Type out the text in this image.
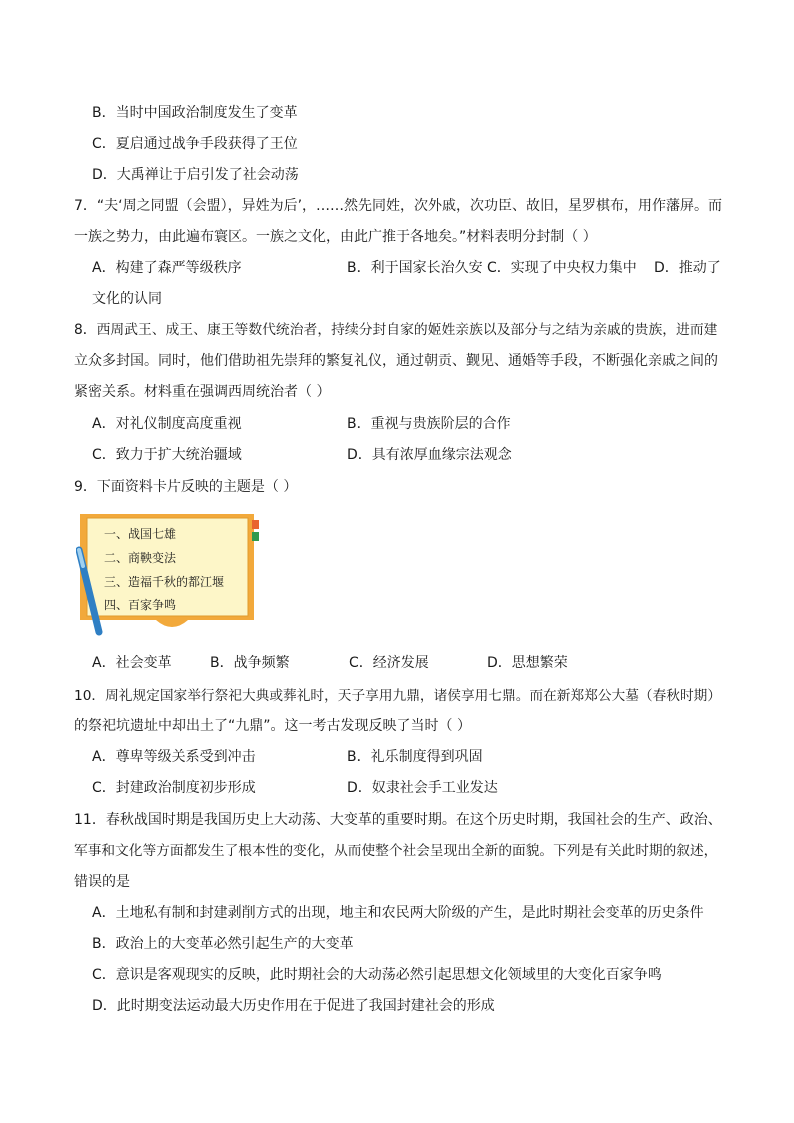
B．当时中国政治制度发生了变革
C．夏启通过战争手段获得了王位
D．大禹禅让于启引发了社会动荡
7．“夫‘周之同盟（会盟），异姓为后’，……然先同姓，次外戚，次功臣、故旧，星罗棋布，用作藩屏。而
一族之势力，由此遍布寰区。一族之文化，由此广推于各地矣。”材料表明分封制（ ）
A．构建了森严等级秩序	B．利于国家长治久安 C．实现了中央权力集中 D．推动了
文化的认同
8．西周武王、成王、康王等数代统治者，持续分封自家的姬姓亲族以及部分与之结为亲戚的贵族，进而建
立众多封国。同时，他们借助祖先崇拜的繁复礼仪，通过朝贡、觐见、通婚等手段，不断强化亲戚之间的
紧密关系。材料重在强调西周统治者（ ）
A．对礼仪制度高度重视	B．重视与贵族阶层的合作
C．致力于扩大统治疆域	D．具有浓厚血缘宗法观念
9．下面资料卡片反映的主题是（ ）
一、战国七雄
二、商鞅变法
三、造福千秋的都江堰
四、百家争鸣
A．社会变革	B．战争频繁	C．经济发展	D．思想繁荣
10．周礼规定国家举行祭祀大典或葬礼时，天子享用九鼎，诸侯享用七鼎。而在新郑郑公大墓（春秋时期）
的祭祀坑遗址中却出土了“九鼎”。这一考古发现反映了当时（ ）
A．尊卑等级关系受到冲击	B．礼乐制度得到巩固
C．封建政治制度初步形成	D．奴隶社会手工业发达
11．春秋战国时期是我国历史上大动荡、大变革的重要时期。在这个历史时期，我国社会的生产、政治、
军事和文化等方面都发生了根本性的变化，从而使整个社会呈现出全新的面貌。下列是有关此时期的叙述，
错误的是
A．土地私有制和封建剥削方式的出现，地主和农民两大阶级的产生，是此时期社会变革的历史条件
B．政治上的大变革必然引起生产的大变革
C．意识是客观现实的反映，此时期社会的大动荡必然引起思想文化领域里的大变化百家争鸣
D．此时期变法运动最大历史作用在于促进了我国封建社会的形成
